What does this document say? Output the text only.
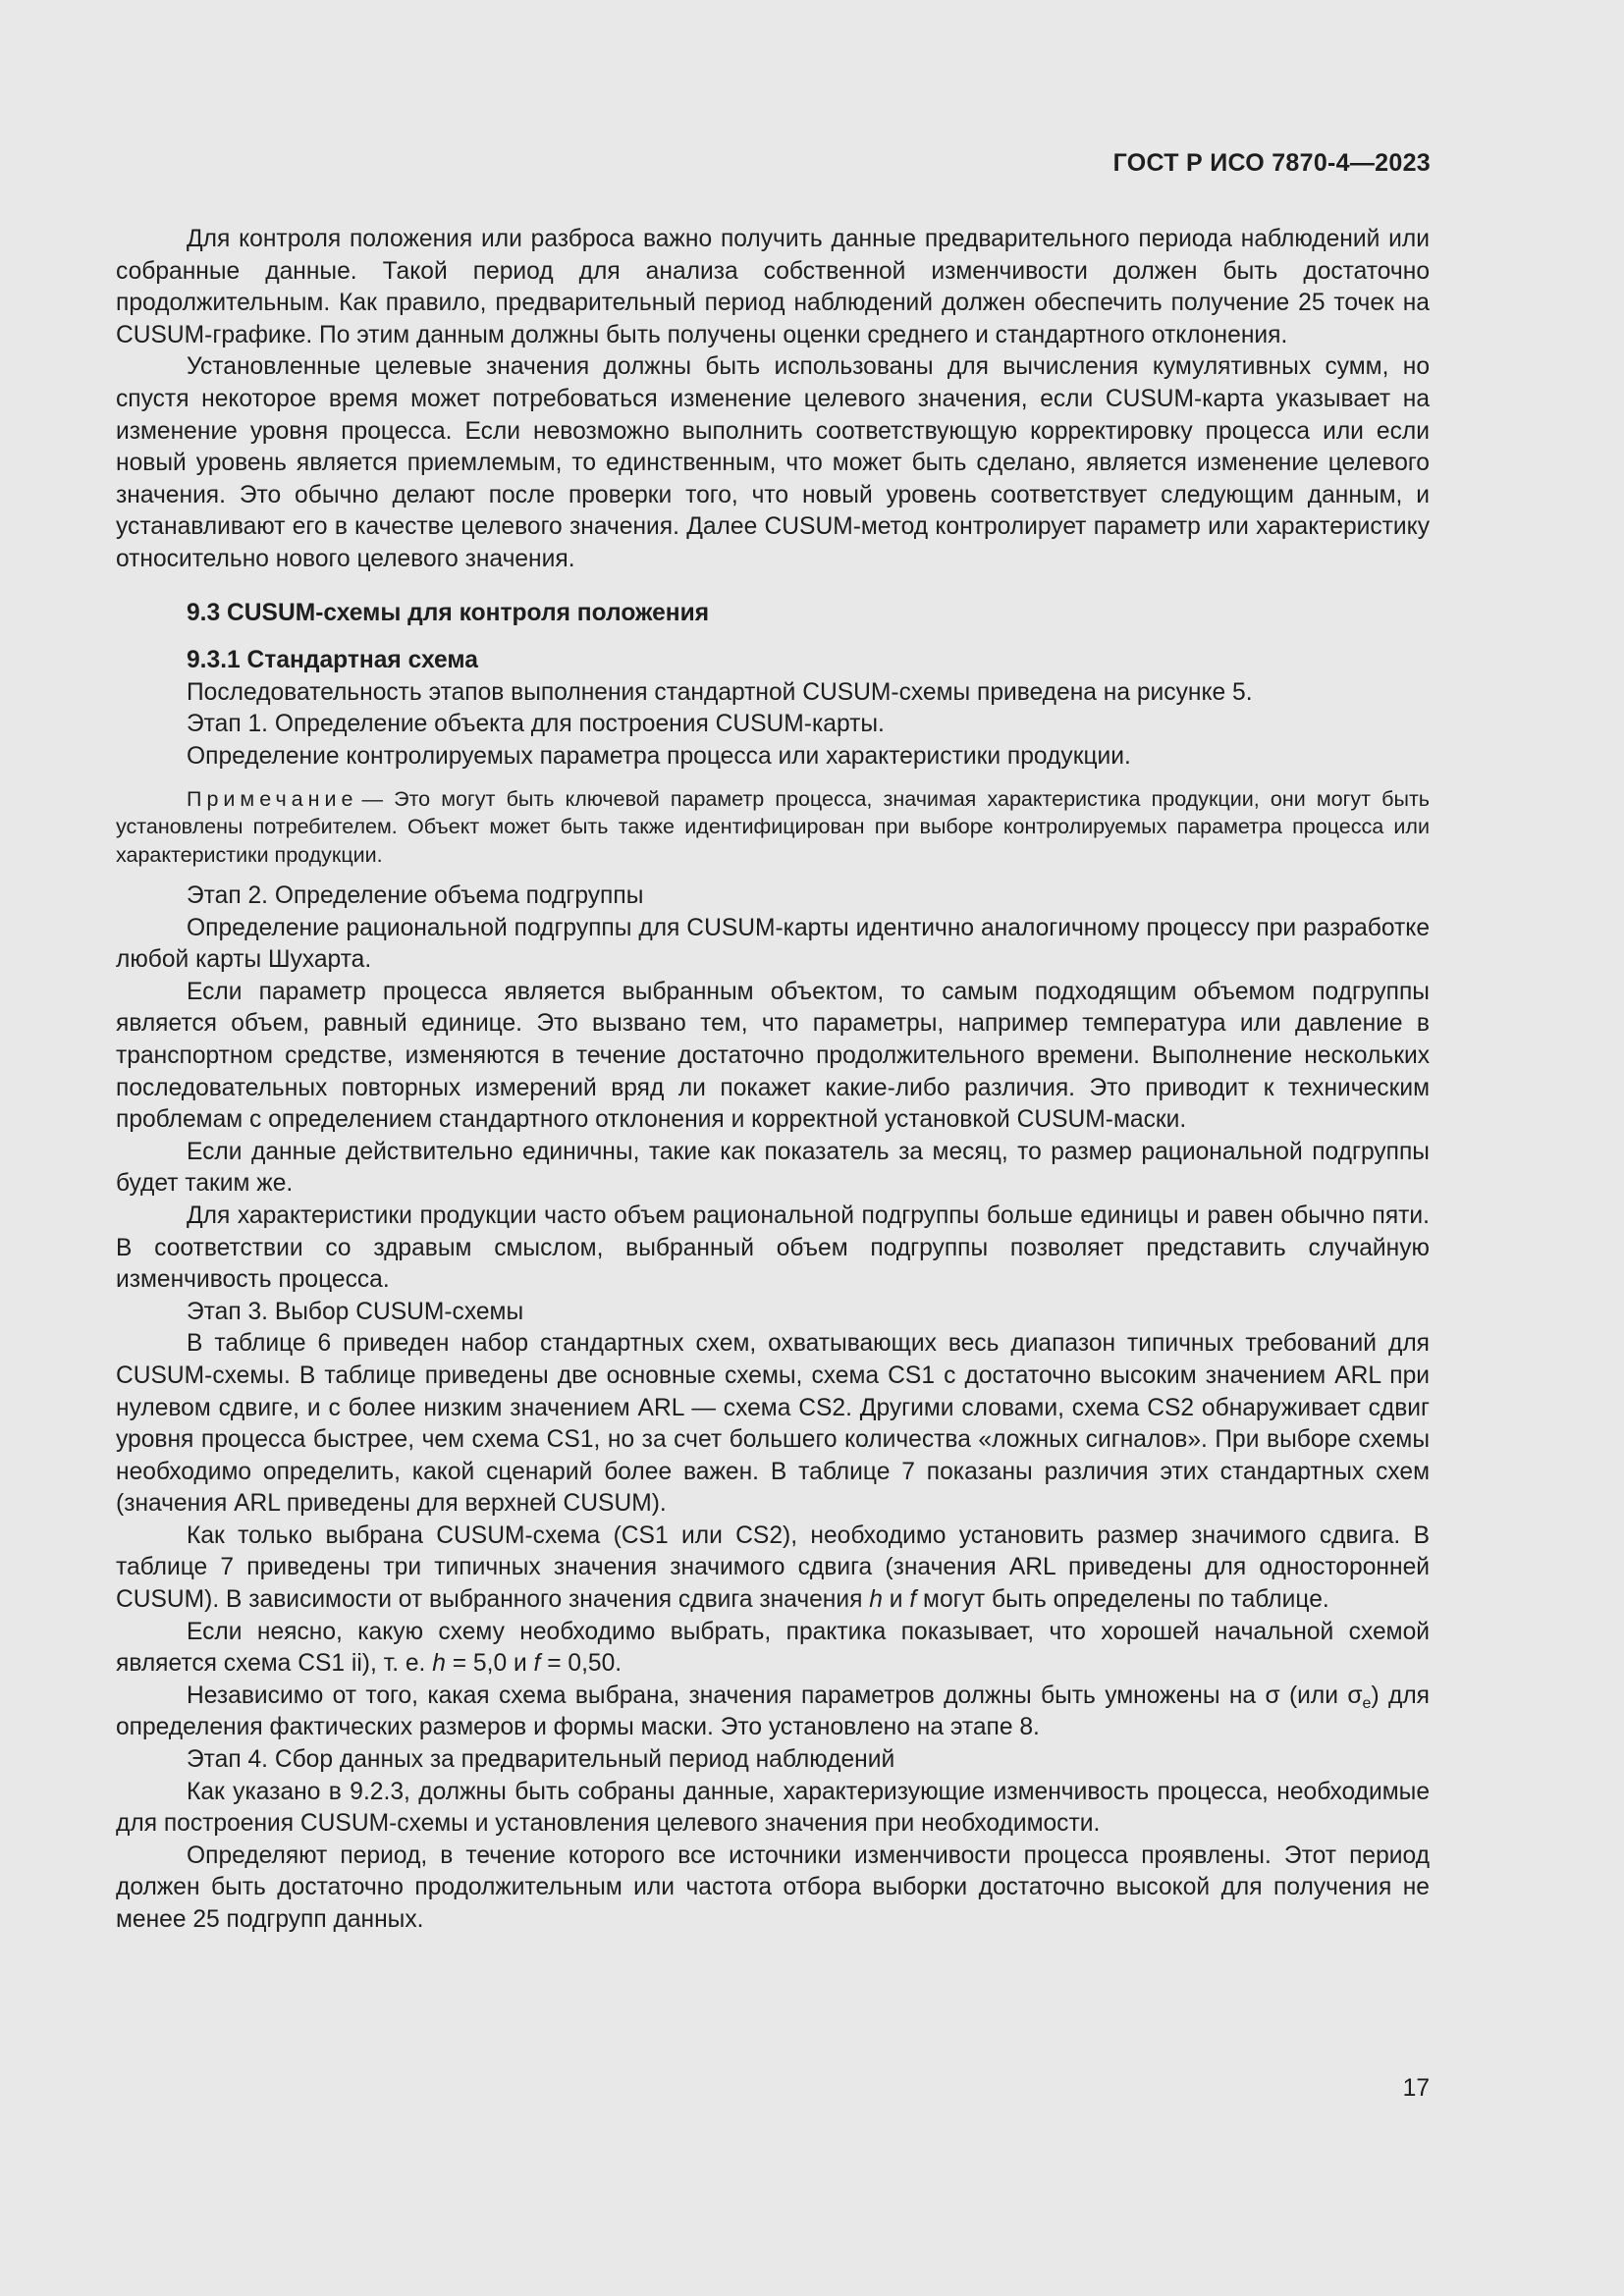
ГОСТ Р ИСО 7870-4—2023

Для контроля положения или разброса важно получить данные предварительного периода наблюдений или собранные данные. Такой период для анализа собственной изменчивости должен быть достаточно продолжительным. Как правило, предварительный период наблюдений должен обеспечить получение 25 точек на CUSUM-графике. По этим данным должны быть получены оценки среднего и стандартного отклонения.

Установленные целевые значения должны быть использованы для вычисления кумулятивных сумм, но спустя некоторое время может потребоваться изменение целевого значения, если CUSUM-карта указывает на изменение уровня процесса. Если невозможно выполнить соответствующую корректировку процесса или если новый уровень является приемлемым, то единственным, что может быть сделано, является изменение целевого значения. Это обычно делают после проверки того, что новый уровень соответствует следующим данным, и устанавливают его в качестве целевого значения. Далее CUSUM-метод контролирует параметр или характеристику относительно нового целевого значения.

9.3 CUSUM-схемы для контроля положения
9.3.1 Стандартная схема

Последовательность этапов выполнения стандартной CUSUM-схемы приведена на рисунке 5.

Этап 1. Определение объекта для построения CUSUM-карты.

Определение контролируемых параметра процесса или характеристики продукции.

Примечание — Это могут быть ключевой параметр процесса, значимая характеристика продукции, они могут быть установлены потребителем. Объект может быть также идентифицирован при выборе контролируемых параметра процесса или характеристики продукции.

Этап 2. Определение объема подгруппы

Определение рациональной подгруппы для CUSUM-карты идентично аналогичному процессу при разработке любой карты Шухарта.

Если параметр процесса является выбранным объектом, то самым подходящим объемом подгруппы является объем, равный единице. Это вызвано тем, что параметры, например температура или давление в транспортном средстве, изменяются в течение достаточно продолжительного времени. Выполнение нескольких последовательных повторных измерений вряд ли покажет какие-либо различия. Это приводит к техническим проблемам с определением стандартного отклонения и корректной установкой CUSUM-маски.

Если данные действительно единичны, такие как показатель за месяц, то размер рациональной подгруппы будет таким же.

Для характеристики продукции часто объем рациональной подгруппы больше единицы и равен обычно пяти. В соответствии со здравым смыслом, выбранный объем подгруппы позволяет представить случайную изменчивость процесса.

Этап 3. Выбор CUSUM-схемы

В таблице 6 приведен набор стандартных схем, охватывающих весь диапазон типичных требований для CUSUM-схемы. В таблице приведены две основные схемы, схема CS1 с достаточно высоким значением ARL при нулевом сдвиге, и с более низким значением ARL — схема CS2. Другими словами, схема CS2 обнаруживает сдвиг уровня процесса быстрее, чем схема CS1, но за счет большего количества «ложных сигналов». При выборе схемы необходимо определить, какой сценарий более важен. В таблице 7 показаны различия этих стандартных схем (значения ARL приведены для верхней CUSUM).

Как только выбрана CUSUM-схема (CS1 или CS2), необходимо установить размер значимого сдвига. В таблице 7 приведены три типичных значения значимого сдвига (значения ARL приведены для односторонней CUSUM). В зависимости от выбранного значения сдвига значения h и f могут быть определены по таблице.

Если неясно, какую схему необходимо выбрать, практика показывает, что хорошей начальной схемой является схема CS1 ii), т. е. h = 5,0 и f = 0,50.

Независимо от того, какая схема выбрана, значения параметров должны быть умножены на σ (или $\sigma_e$) для определения фактических размеров и формы маски. Это установлено на этапе 8.

Этап 4. Сбор данных за предварительный период наблюдений

Как указано в 9.2.3, должны быть собраны данные, характеризующие изменчивость процесса, необходимые для построения CUSUM-схемы и установления целевого значения при необходимости.

Определяют период, в течение которого все источники изменчивости процесса проявлены. Этот период должен быть достаточно продолжительным или частота отбора выборки достаточно высокой для получения не менее 25 подгрупп данных.

17
